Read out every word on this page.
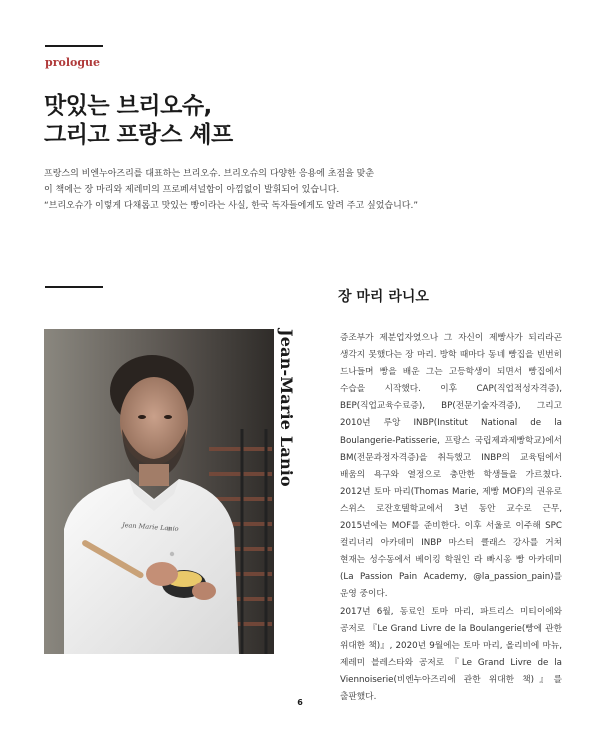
prologue
맛있는 브리오슈,
그리고 프랑스 셰프
프랑스의 비엔누아즈리를 대표하는 브리오슈. 브리오슈의 다양한 응용에 초점을 맞춘
이 책에는 장 마리와 제레미의 프로페셔널함이 아낌없이 발휘되어 있습니다.
“브리오슈가 이렇게 다채롭고 맛있는 빵이라는 사실, 한국 독자들에게도 알려 주고 싶었습니다.”
장 마리 라니오
Jean Marie Lanio
Jean-Marie Lanio	증조부가 제분업자였으나 그 자신이 제빵사가 되리라곤 생각지 못했다는 장 마리. 방학 때마다 동네 빵집을 빈번히 드나들며 빵을 배운 그는 고등학생이 되면서 빵집에서 수습을 시작했다. 이후 CAP(직업적성자격증), BEP(직업교육수료증), BP(전문기술자격증), 그리고 2010년 루앙 INBP(Institut National de la Boulangerie-Patisserie, 프랑스 국립제과제빵학교)에서 BM(전문과정자격증)을 취득했고 INBP의 교육팀에서 배움의 욕구와 열정으로 충만한 학생들을 가르쳤다. 2012년 토마 마리(Thomas Marie, 제빵 MOF)의 권유로 스위스 로잔호텔학교에서 3년 동안 교수로 근무, 2015년에는 MOF를 준비한다. 이후 서울로 이주해 SPC 컬리너리 아카데미 INBP 마스터 클래스 강사를 거쳐 현재는 성수동에서 베이킹 학원인 라 빠시옹 빵 아카데미(La Passion Pain Academy, @la_passion_pain)를 운영 중이다.
2017년 6월, 동료인 토마 마리, 파트리스 미티이에와 공저로 『Le Grand Livre de la Boulangerie(빵에 관한 위대한 책)』, 2020년 9월에는 토마 마리, 올리비에 마뉴, 제레미 블레스타와 공저로 『Le Grand Livre de la Viennoiserie(비엔누아즈리에 관한 위대한 책)』를 출판했다.
6
